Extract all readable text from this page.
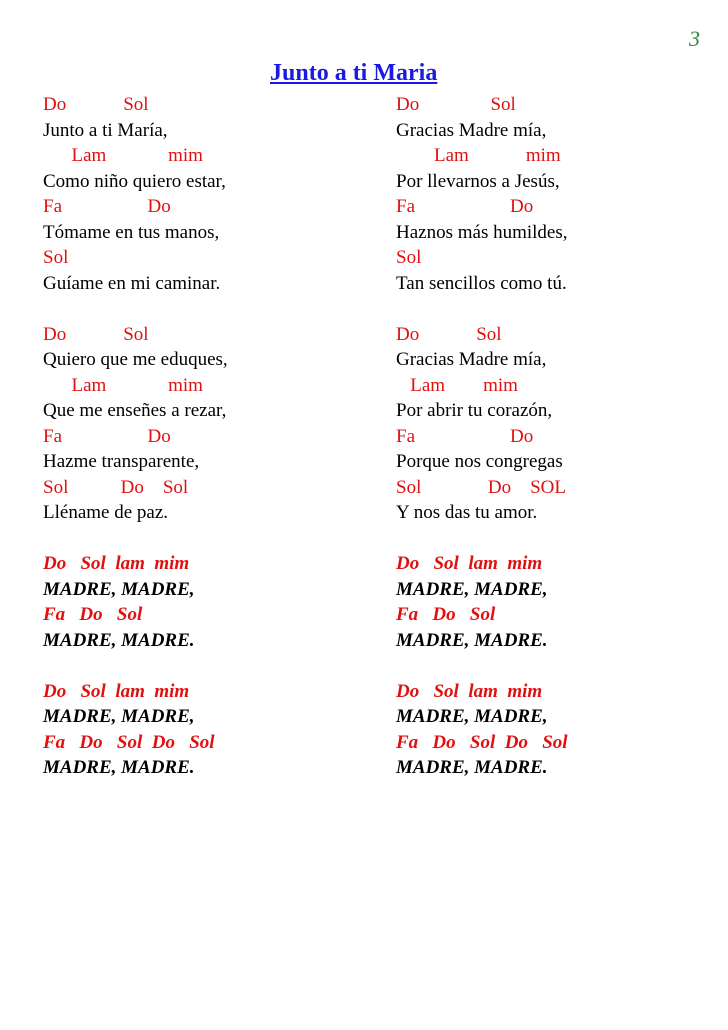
3
Junto a ti Maria
Do            Sol
Junto a ti María,
Lam             mim
Como niño quiero estar,
Fa                  Do
Tómame en tus manos,
Sol
Guíame en mi caminar.
Do            Sol
Quiero que me eduques,
Lam             mim
Que me enseñes a rezar,
Fa                  Do
Hazme transparente,
Sol           Do    Sol
Lléname de paz.
Do   Sol  lam  mim
MADRE, MADRE,
Fa   Do   Sol
MADRE, MADRE.
Do   Sol  lam  mim
MADRE, MADRE,
Fa   Do   Sol  Do   Sol
MADRE, MADRE.
Do               Sol
Gracias Madre mía,
Lam            mim
Por llevarnos a Jesús,
Fa                    Do
Haznos más humildes,
Sol
Tan sencillos como tú.
Do            Sol
Gracias Madre mía,
Lam        mim
Por abrir tu corazón,
Fa                    Do
Porque nos congregas
Sol              Do    SOL
Y nos das tu amor.
Do   Sol  lam  mim
MADRE, MADRE,
Fa   Do   Sol
MADRE, MADRE.
Do   Sol  lam  mim
MADRE, MADRE,
Fa   Do   Sol  Do   Sol
MADRE, MADRE.
